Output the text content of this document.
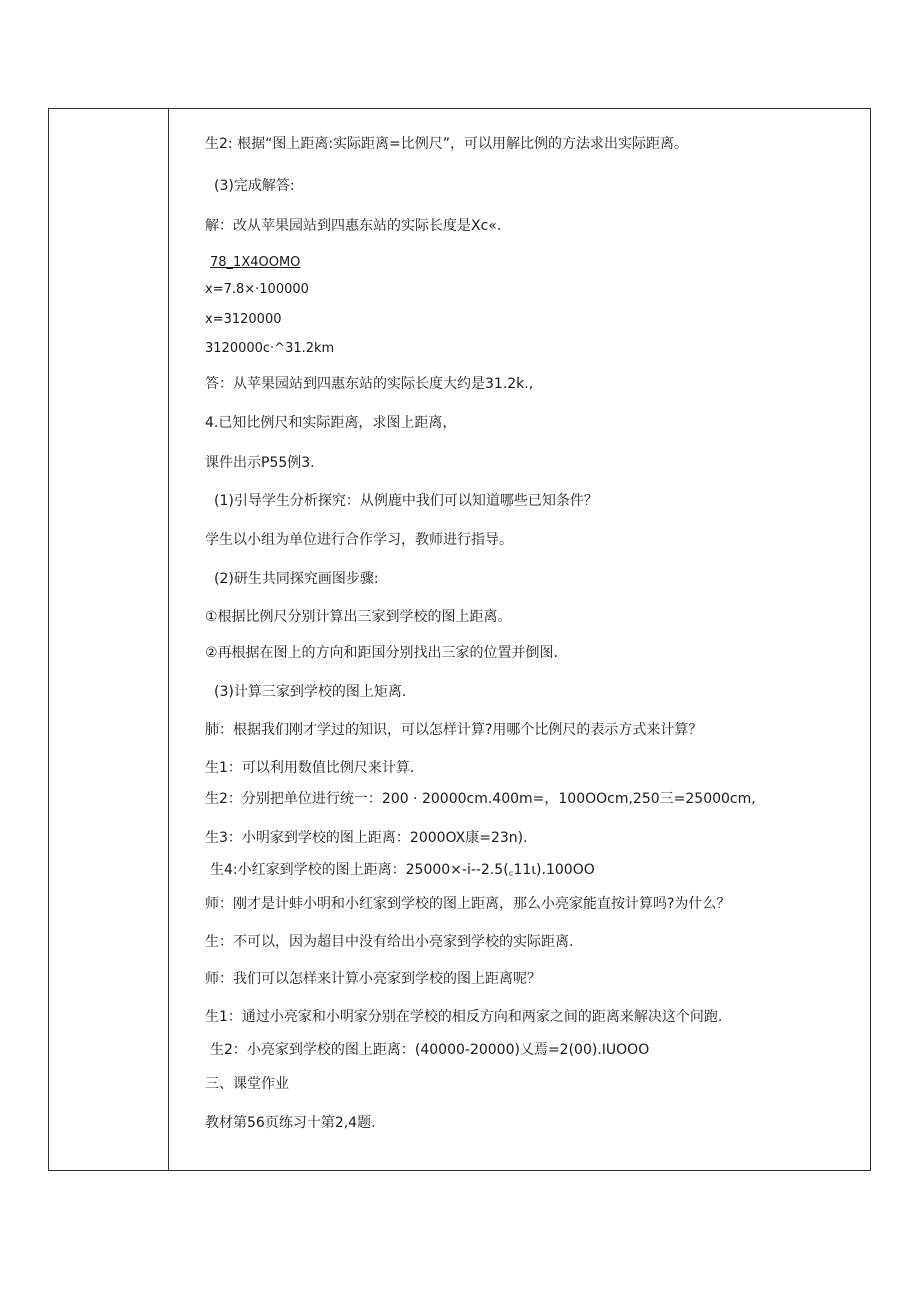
生2: 根据“图上距离:实际距离=比例尺”，可以用解比例的方法求出实际距离。
(3)完成解答:
解：改从苹果园站到四惠东站的实际长度是Xc«.
78_1X4OOMO
x=7.8×·100000
x=3120000
3120000c·^31.2km
答：从苹果园站到四惠东站的实际长度大约是31.2k.,
4.已知比例尺和实际距离，求图上距离，
课件出示P55例3.
(1)引导学生分析探究：从例鹿中我们可以知道哪些已知条件？
学生以小组为单位进行合作学习，教师进行指导。
(2)研生共同探究画图步骤:
①根据比例尺分别计算出三家到学校的图上距离。
②再根据在图上的方向和距国分别找出三家的位置并倒图.
(3)计算三家到学校的图上矩离.
肺：根据我们刚才学过的知识，可以怎样计算?用哪个比例尺的表示方式来计算？
生1：可以利用数值比例尺来计算.
生2：分别把单位进行统一：200 · 20000cm.400m=，100OOcm,250三=25000cm,
生3：小明家到学校的图上距离：2000OX康=23n).
生4:小红家到学校的图上距离：25000×-i--2.5(꜀11ι).100OO
师：刚才是计蚌小明和小红家到学校的图上距离，那么小亮家能直按计算吗?为什么？
生：不可以，因为超目中没有给出小亮家到学校的实际距离.
师：我们可以怎样来计算小亮家到学校的图上距离呢？
生1：通过小亮家和小明家分别在学校的相反方向和两家之间的距离来解决这个问跑.
生2：小亮家到学校的图上距离：(40000-20000)乂焉=2(00).IUOOO
三、课堂作业
教材第56页练习十第2,4题.
